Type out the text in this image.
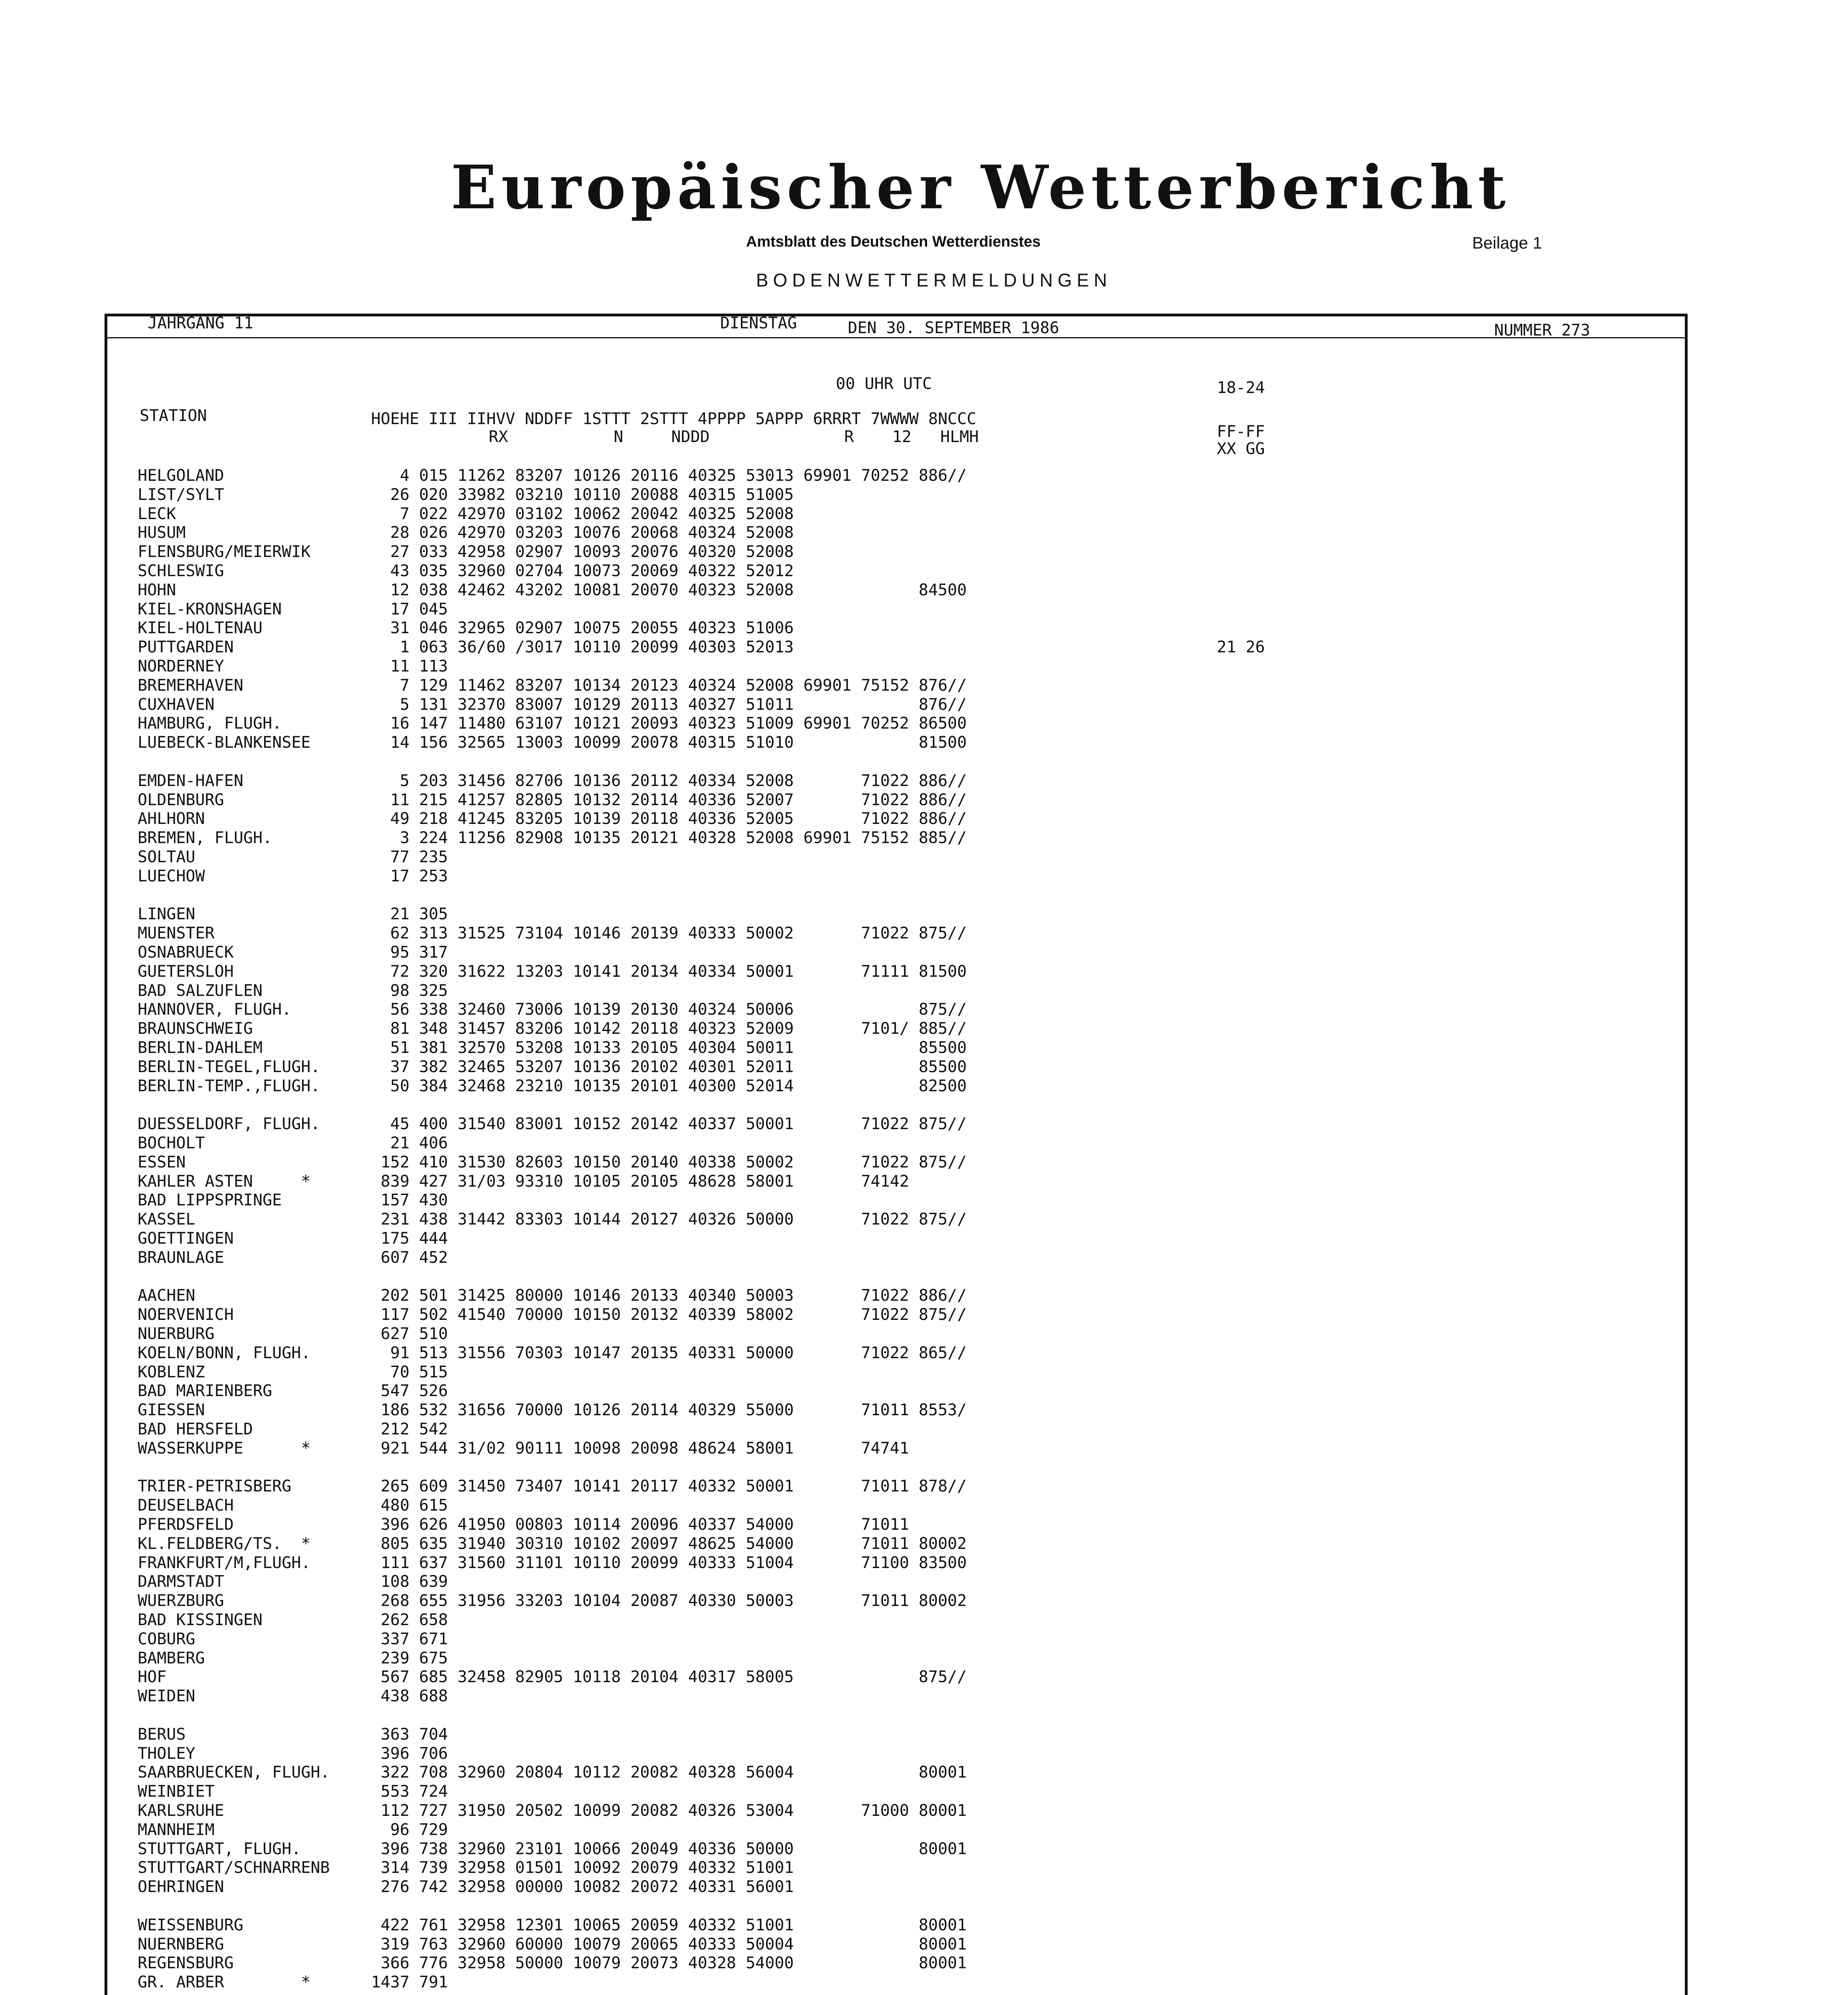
Europäischer Wetterbericht
Amtsblatt des Deutschen Wetterdienstes	Beilage 1
BODENWETTERMELDUNGEN
JAHRGANG 11	DIENSTAG	DEN 30. SEPTEMBER 1986	NUMMER 273
00 UHR UTC	18-24
STATION	HOEHE III IIHVV NDDFF 1STTT 2STTT 4PPPP 5APPP 6RRRT 7WWWW 8NCCC
RX           N     NDDD              R    12   HLMH	FF-FF
XX GG
HELGOLAND	4 015 11262 83207 10126 20116 40325 53013 69901 70252 886//
LIST/SYLT	26 020 33982 03210 10110 20088 40315 51005
LECK	7 022 42970 03102 10062 20042 40325 52008
HUSUM	28 026 42970 03203 10076 20068 40324 52008
FLENSBURG/MEIERWIK	27 033 42958 02907 10093 20076 40320 52008
SCHLESWIG	43 035 32960 02704 10073 20069 40322 52012
HOHN	12 038 42462 43202 10081 20070 40323 52008             84500
KIEL-KRONSHAGEN	17 045
KIEL-HOLTENAU	31 046 32965 02907 10075 20055 40323 51006
PUTTGARDEN	1 063 36/60 /3017 10110 20099 40303 52013	21 26
NORDERNEY	11 113
BREMERHAVEN	7 129 11462 83207 10134 20123 40324 52008 69901 75152 876//
CUXHAVEN	5 131 32370 83007 10129 20113 40327 51011             876//
HAMBURG, FLUGH.	16 147 11480 63107 10121 20093 40323 51009 69901 70252 86500
LUEBECK-BLANKENSEE	14 156 32565 13003 10099 20078 40315 51010             81500
EMDEN-HAFEN	5 203 31456 82706 10136 20112 40334 52008       71022 886//
OLDENBURG	11 215 41257 82805 10132 20114 40336 52007       71022 886//
AHLHORN	49 218 41245 83205 10139 20118 40336 52005       71022 886//
BREMEN, FLUGH.	3 224 11256 82908 10135 20121 40328 52008 69901 75152 885//
SOLTAU	77 235
LUECHOW	17 253
LINGEN	21 305
MUENSTER	62 313 31525 73104 10146 20139 40333 50002       71022 875//
OSNABRUECK	95 317
GUETERSLOH	72 320 31622 13203 10141 20134 40334 50001       71111 81500
BAD SALZUFLEN	98 325
HANNOVER, FLUGH.	56 338 32460 73006 10139 20130 40324 50006             875//
BRAUNSCHWEIG	81 348 31457 83206 10142 20118 40323 52009       7101/ 885//
BERLIN-DAHLEM	51 381 32570 53208 10133 20105 40304 50011             85500
BERLIN-TEGEL,FLUGH.	37 382 32465 53207 10136 20102 40301 52011             85500
BERLIN-TEMP.,FLUGH.	50 384 32468 23210 10135 20101 40300 52014             82500
DUESSELDORF, FLUGH.	45 400 31540 83001 10152 20142 40337 50001       71022 875//
BOCHOLT	21 406
ESSEN	152 410 31530 82603 10150 20140 40338 50002       71022 875//
KAHLER ASTEN     *	839 427 31/03 93310 10105 20105 48628 58001       74142
BAD LIPPSPRINGE	157 430
KASSEL	231 438 31442 83303 10144 20127 40326 50000       71022 875//
GOETTINGEN	175 444
BRAUNLAGE	607 452
AACHEN	202 501 31425 80000 10146 20133 40340 50003       71022 886//
NOERVENICH	117 502 41540 70000 10150 20132 40339 58002       71022 875//
NUERBURG	627 510
KOELN/BONN, FLUGH.	91 513 31556 70303 10147 20135 40331 50000       71022 865//
KOBLENZ	70 515
BAD MARIENBERG	547 526
GIESSEN	186 532 31656 70000 10126 20114 40329 55000       71011 8553/
BAD HERSFELD	212 542
WASSERKUPPE      *	921 544 31/02 90111 10098 20098 48624 58001       74741
TRIER-PETRISBERG	265 609 31450 73407 10141 20117 40332 50001       71011 878//
DEUSELBACH	480 615
PFERDSFELD	396 626 41950 00803 10114 20096 40337 54000       71011
KL.FELDBERG/TS.  *	805 635 31940 30310 10102 20097 48625 54000       71011 80002
FRANKFURT/M,FLUGH.	111 637 31560 31101 10110 20099 40333 51004       71100 83500
DARMSTADT	108 639
WUERZBURG	268 655 31956 33203 10104 20087 40330 50003       71011 80002
BAD KISSINGEN	262 658
COBURG	337 671
BAMBERG	239 675
HOF	567 685 32458 82905 10118 20104 40317 58005             875//
WEIDEN	438 688
BERUS	363 704
THOLEY	396 706
SAARBRUECKEN, FLUGH.	322 708 32960 20804 10112 20082 40328 56004             80001
WEINBIET	553 724
KARLSRUHE	112 727 31950 20502 10099 20082 40326 53004       71000 80001
MANNHEIM	96 729
STUTTGART, FLUGH.	396 738 32960 23101 10066 20049 40336 50000             80001
STUTTGART/SCHNARRENB	314 739 32958 01501 10092 20079 40332 51001
OEHRINGEN	276 742 32958 00000 10082 20072 40331 56001
WEISSENBURG	422 761 32958 12301 10065 20059 40332 51001             80001
NUERNBERG	319 763 32960 60000 10079 20065 40333 50004             80001
REGENSBURG	366 776 32958 50000 10079 20073 40328 54000             80001
GR. ARBER        *	1437 791
